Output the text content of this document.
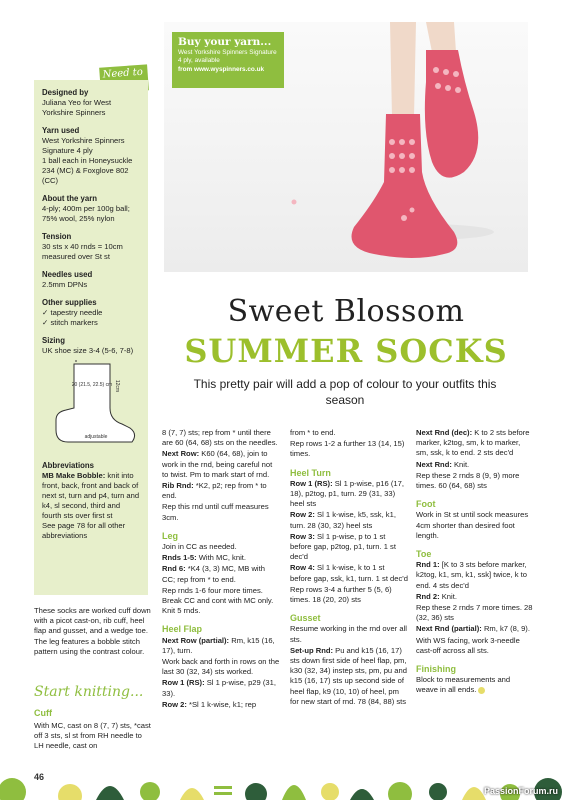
Need to
Designed by
Juliana Yeo for West Yorkshire Spinners
Yarn used
West Yorkshire Spinners Signature 4 ply
1 ball each in Honeysuckle 234 (MC) & Foxglove 802 (CC)
About the yarn
4-ply; 400m per 100g ball; 75% wool, 25% nylon
Tension
30 sts x 40 rnds = 10cm measured over St st
Needles used
2.5mm DPNs
Other supplies
✓ tapestry needle
✓ stitch markers
Sizing
UK shoe size 3-4 (5-6, 7-8)
20 (21.5, 22.5) cm 12cm
adjustable
Abbreviations
MB Make Bobble: knit into front, back, front and back of next st, turn and p4, turn and k4, sl second, third and fourth sts over first st
See page 78 for all other abbreviations
These socks are worked cuff down with a picot cast-on, rib cuff, heel flap and gusset, and a wedge toe. The leg features a bobble stitch pattern using the contrast colour.
Start knitting...
Cuff
With MC, cast on 8 (7, 7) sts, *cast off 3 sts, sl st from RH needle to LH needle, cast on
Buy your yarn...
West Yorkshire Spinners Signature 4 ply, available
from www.wyspinners.co.uk
Sweet Blossom
SUMMER SOCKS
This pretty pair will add a pop of colour to your outfits this season
8 (7, 7) sts; rep from * until there are 60 (64, 68) sts on the needles.
Next Row: K60 (64, 68), join to work in the rnd, being careful not to twist. Pm to mark start of rnd.
Rib Rnd: *K2, p2; rep from * to end.
Rep this rnd until cuff measures 3cm.
Leg
Join in CC as needed.
Rnds 1-5: With MC, knit.
Rnd 6: *K4 (3, 3) MC, MB with CC; rep from * to end.
Rep rnds 1-6 four more times. Break CC and cont with MC only. Knit 5 rnds.
Heel Flap
Next Row (partial): Rm, k15 (16, 17), turn.
Work back and forth in rows on the last 30 (32, 34) sts worked.
Row 1 (RS): Sl 1 p-wise, p29 (31, 33).
Row 2: *Sl 1 k-wise, k1; rep
from * to end.
Rep rows 1-2 a further 13 (14, 15) times.
Heel Turn
Row 1 (RS): Sl 1 p-wise, p16 (17, 18), p2tog, p1, turn. 29 (31, 33) heel sts
Row 2: Sl 1 k-wise, k5, ssk, k1, turn. 28 (30, 32) heel sts
Row 3: Sl 1 p-wise, p to 1 st before gap, p2tog, p1, turn. 1 st dec'd
Row 4: Sl 1 k-wise, k to 1 st before gap, ssk, k1, turn. 1 st dec'd
Rep rows 3-4 a further 5 (5, 6) times. 18 (20, 20) sts
Gusset
Resume working in the rnd over all sts.
Set-up Rnd: Pu and k15 (16, 17) sts down first side of heel flap, pm, k30 (32, 34) instep sts, pm, pu and k15 (16, 17) sts up second side of heel flap, k9 (10, 10) of heel, pm for new start of rnd. 78 (84, 88) sts
Next Rnd (dec): K to 2 sts before marker, k2tog, sm, k to marker, sm, ssk, k to end. 2 sts dec'd
Next Rnd: Knit.
Rep these 2 rnds 8 (9, 9) more times. 60 (64, 68) sts
Foot
Work in St st until sock measures 4cm shorter than desired foot length.
Toe
Rnd 1: [K to 3 sts before marker, k2tog, k1, sm, k1, ssk] twice, k to end. 4 sts dec'd
Rnd 2: Knit.
Rep these 2 rnds 7 more times. 28 (32, 36) sts
Next Rnd (partial): Rm, k7 (8, 9).
With WS facing, work 3-needle cast-off across all sts.
Finishing
Block to measurements and weave in all ends.
46
PassionForum.ru
